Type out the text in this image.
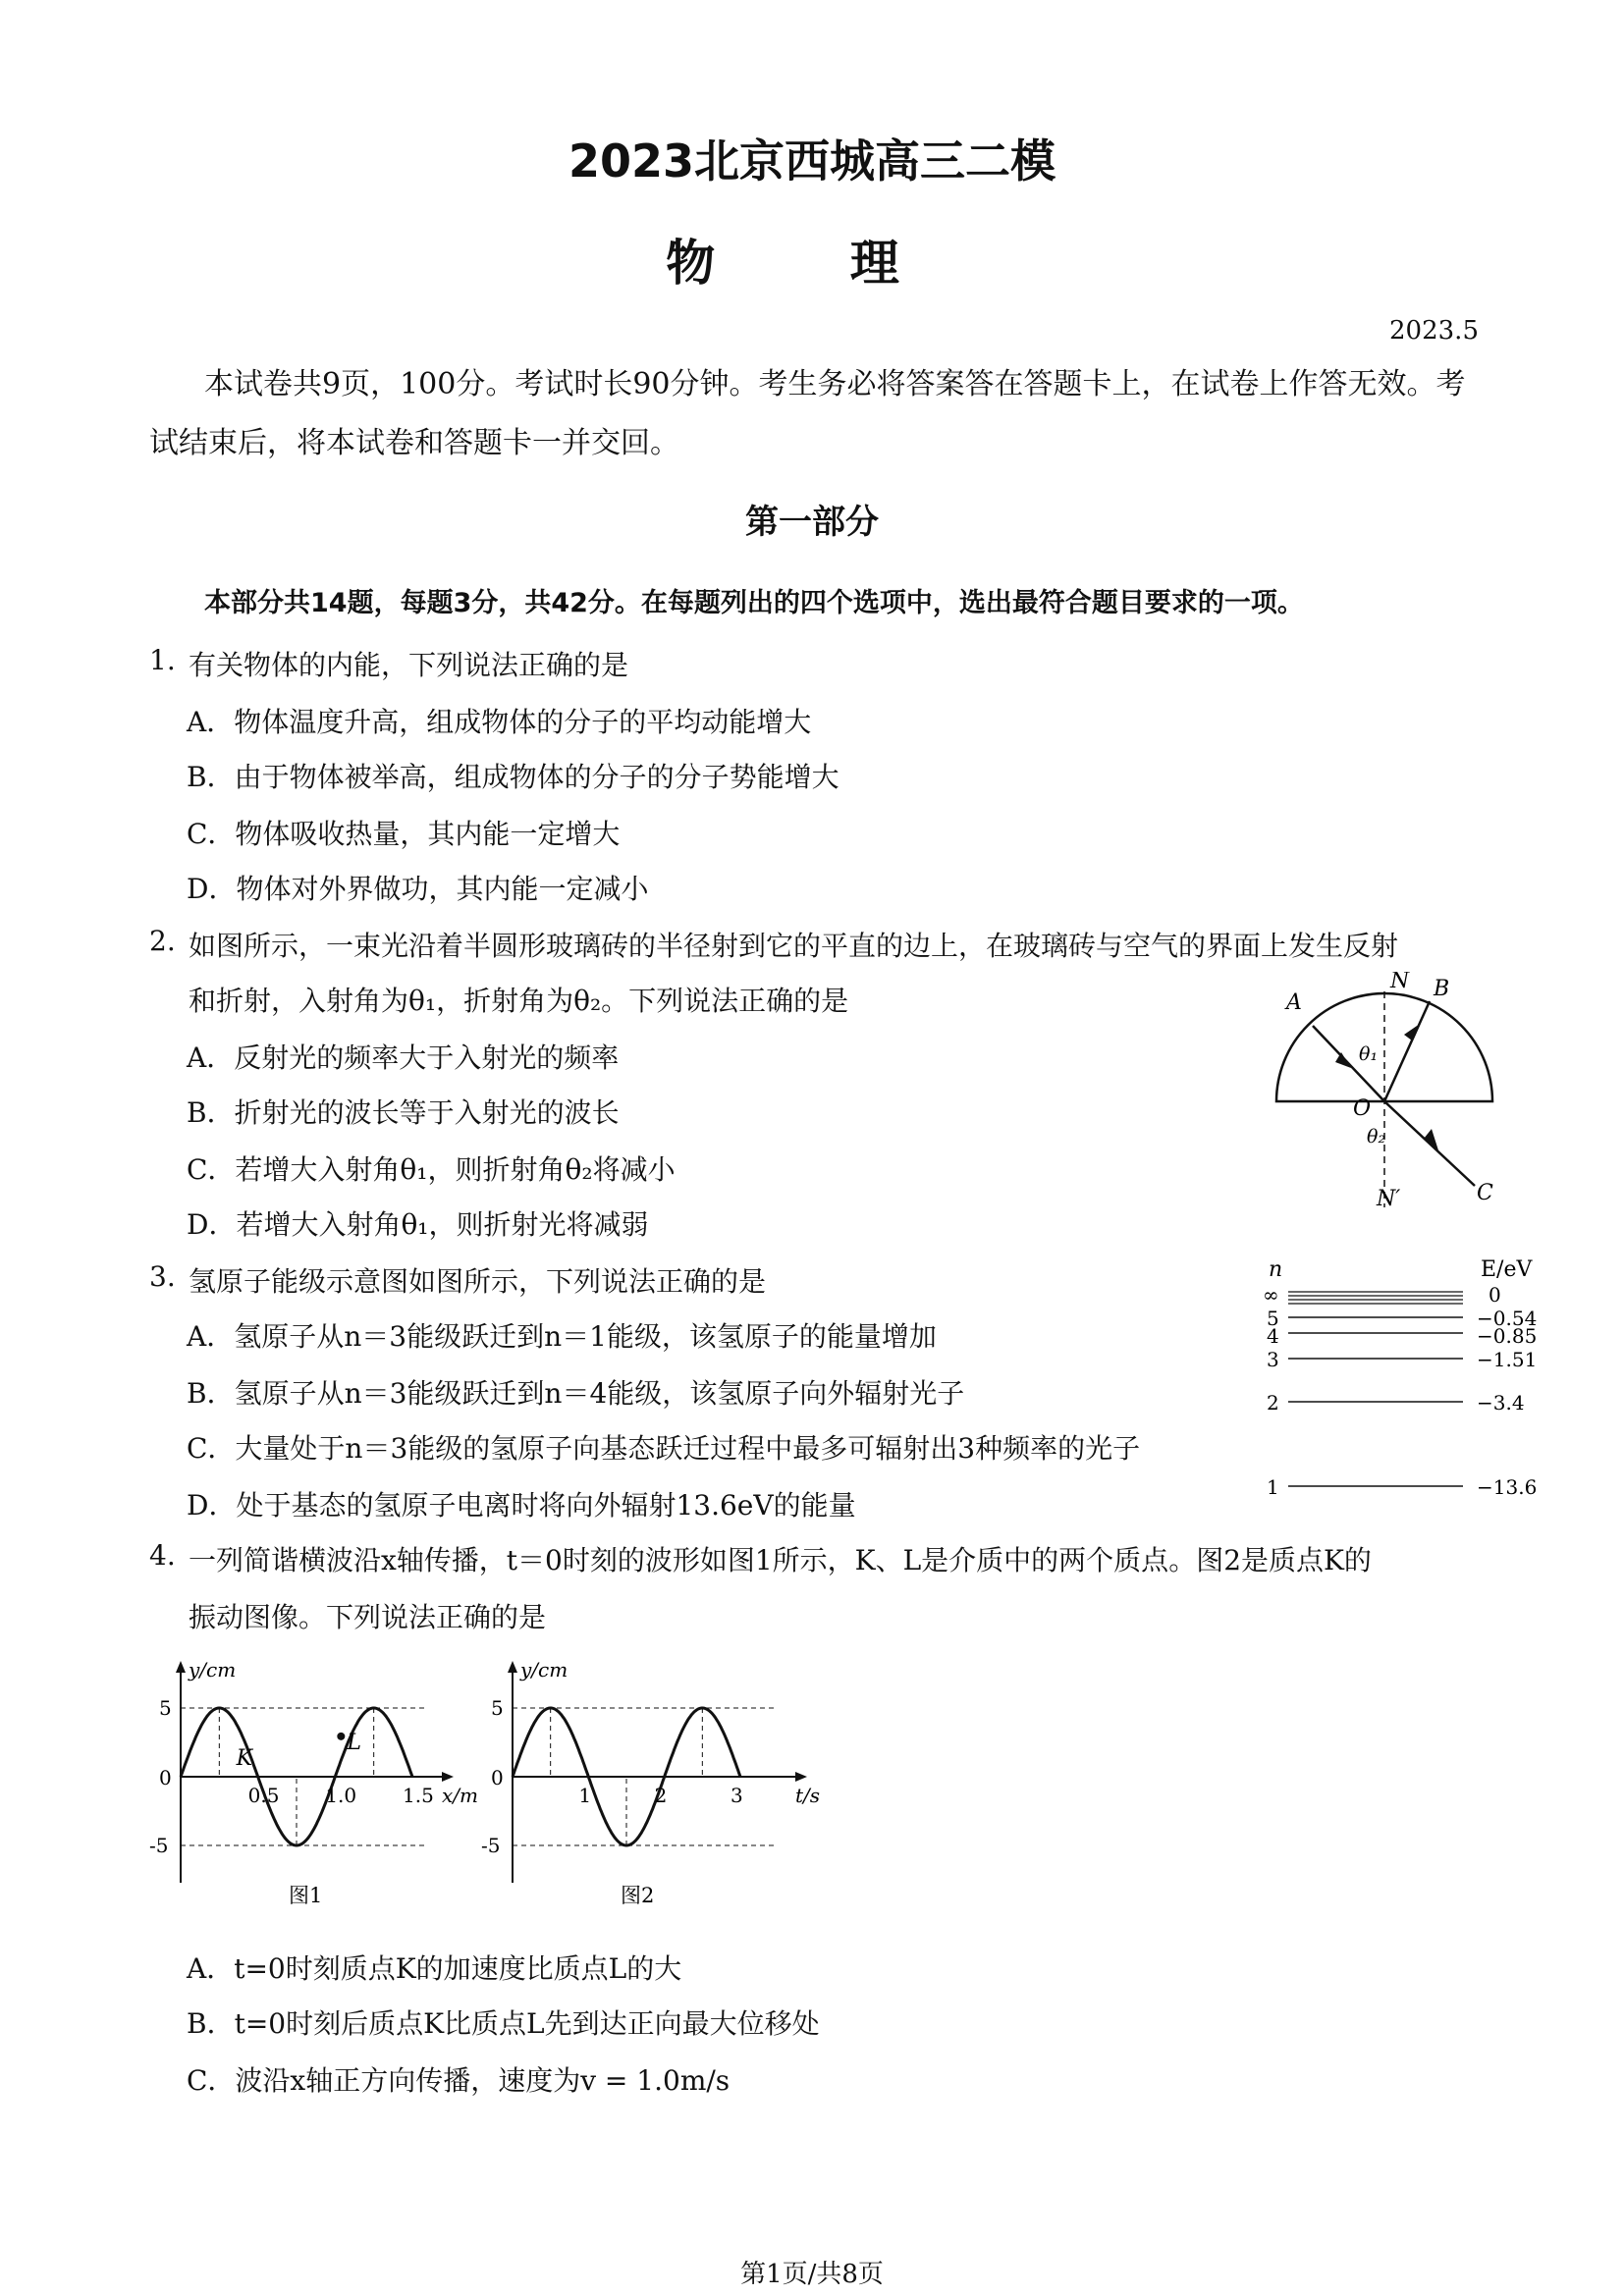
2023北京西城高三二模
物 理
2023.5
本试卷共9页，100分。考试时长90分钟。考生务必将答案答在答题卡上，在试卷上作答无效。考试结束后，将本试卷和答题卡一并交回。
第一部分
本部分共14题，每题3分，共42分。在每题列出的四个选项中，选出最符合题目要求的一项。
1. 有关物体的内能，下列说法正确的是
A．物体温度升高，组成物体的分子的平均动能增大
B．由于物体被举高，组成物体的分子的分子势能增大
C．物体吸收热量，其内能一定增大
D．物体对外界做功，其内能一定减小
2. 如图所示，一束光沿着半圆形玻璃砖的半径射到它的平直的边上，在玻璃砖与空气的界面上发生反射
和折射，入射角为θ₁，折射角为θ₂。下列说法正确的是
A．反射光的频率大于入射光的频率
B．折射光的波长等于入射光的波长
C．若增大入射角θ₁，则折射角θ₂将减小
D．若增大入射角θ₁，则折射光将减弱
N
A
B
O
θ₁
θ₂
N′	C
3. 氢原子能级示意图如图所示，下列说法正确的是
A．氢原子从n＝3能级跃迁到n＝1能级，该氢原子的能量增加
B．氢原子从n＝3能级跃迁到n＝4能级，该氢原子向外辐射光子
C．大量处于n＝3能级的氢原子向基态跃迁过程中最多可辐射出3种频率的光子
D．处于基态的氢原子电离时将向外辐射13.6eV的能量
n	E/eV
∞
5
4
3
2
1
0
−0.54
−0.85
−1.51
−3.4
−13.6
4. 一列简谐横波沿x轴传播，t＝0时刻的波形如图1所示，K、L是介质中的两个质点。图2是质点K的
振动图像。下列说法正确的是
5
0
-5
0.5 1.0 1.5
y/cm
x/m
图1
K
L
5
0
-5
1	2	3
y/cm
t/s
图2
A．t=0时刻质点K的加速度比质点L的大
B．t=0时刻后质点K比质点L先到达正向最大位移处
C．波沿x轴正方向传播，速度为v = 1.0m/s
第1页/共8页
